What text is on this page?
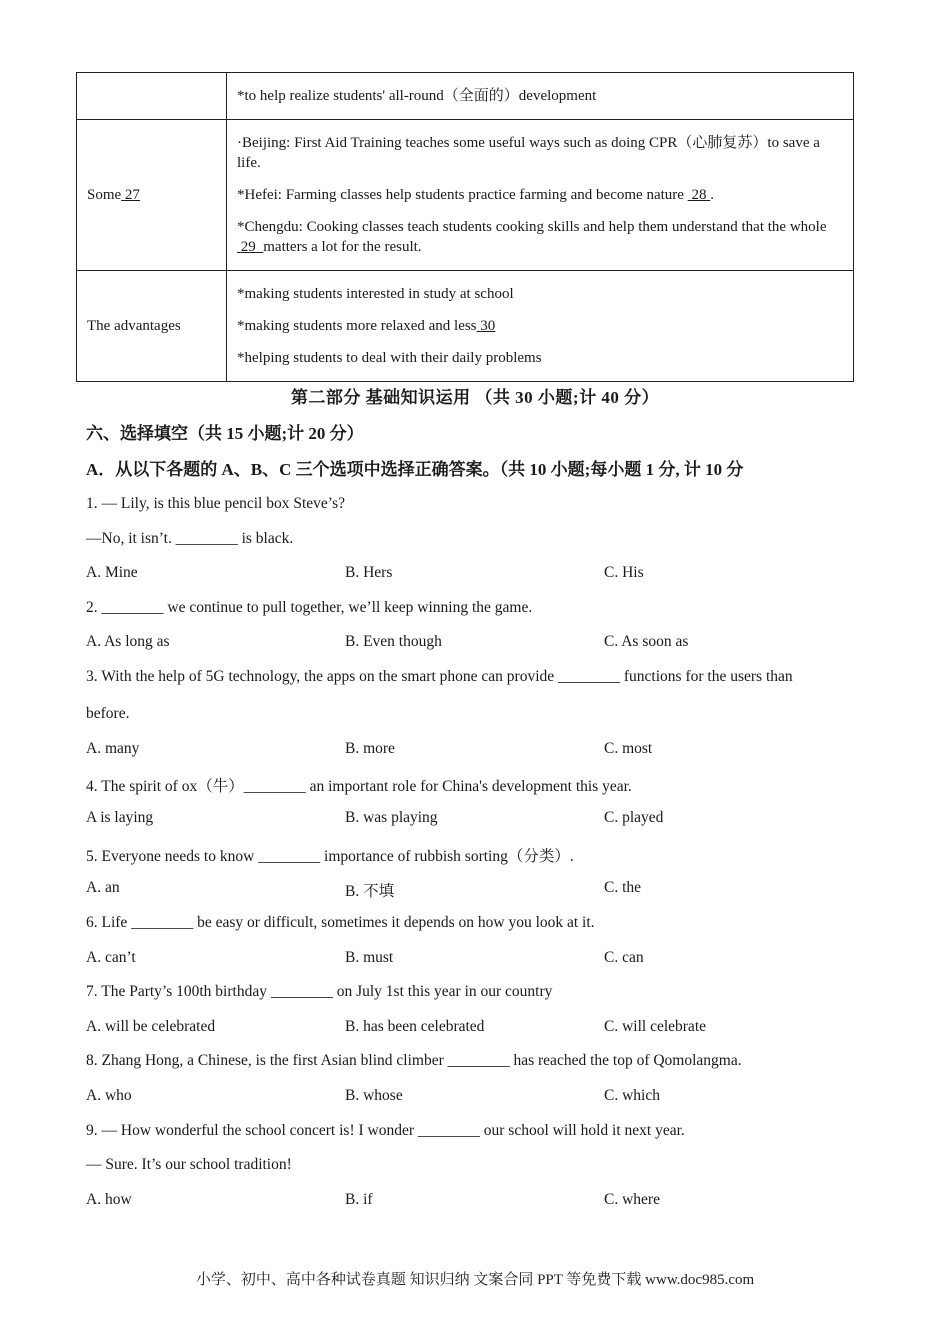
	*to help realize students' all-round（全面的）development

Some 27	·Beijing: First Aid Training teaches some useful ways such as doing CPR（心肺复苏）to save a life.

*Hefei: Farming classes help students practice farming and become nature  28 .

*Chengdu: Cooking classes teach students cooking skills and help them understand that the whole  29 matters a lot for the result.

The advantages	*making students interested in study at school

*making students more relaxed and less 30

*helping students to deal with their daily problems

第二部分 基础知识运用 （共 30 小题;计 40 分）
六、选择填空（共 15 小题;计 20 分）
A．从以下各题的 A、B、C 三个选项中选择正确答案。（共 10 小题;每小题 1 分, 计 10 分
1. — Lily, is this blue pencil box Steve’s?
—No, it isn’t. ________ is black.
A. Mine	B. Hers	C. His
2. ________ we continue to pull together, we’ll keep winning the game.
A. As long as	B. Even though	C. As soon as
3. With the help of 5G technology, the apps on the smart phone can provide ________ functions for the users than
before.
A. many	B. more	C. most
4. The spirit of ox（牛）________ an important role for China's development this year.
A is laying	B. was playing	C. played
5. Everyone needs to know ________ importance of rubbish sorting（分类）.
A. an	B. 不填	C. the
6. Life ________ be easy or difficult, sometimes it depends on how you look at it.
A. can’t	B. must	C. can
7. The Party’s 100th birthday ________ on July 1st this year in our country
A. will be celebrated	B. has been celebrated	C. will celebrate
8. Zhang Hong, a Chinese, is the first Asian blind climber ________ has reached the top of Qomolangma.
A. who	B. whose	C. which
9. — How wonderful the school concert is! I wonder ________ our school will hold it next year.
— Sure. It’s our school tradition!
A. how	B. if	C. where
小学、初中、高中各种试卷真题 知识归纳 文案合同 PPT 等免费下载 www.doc985.com
